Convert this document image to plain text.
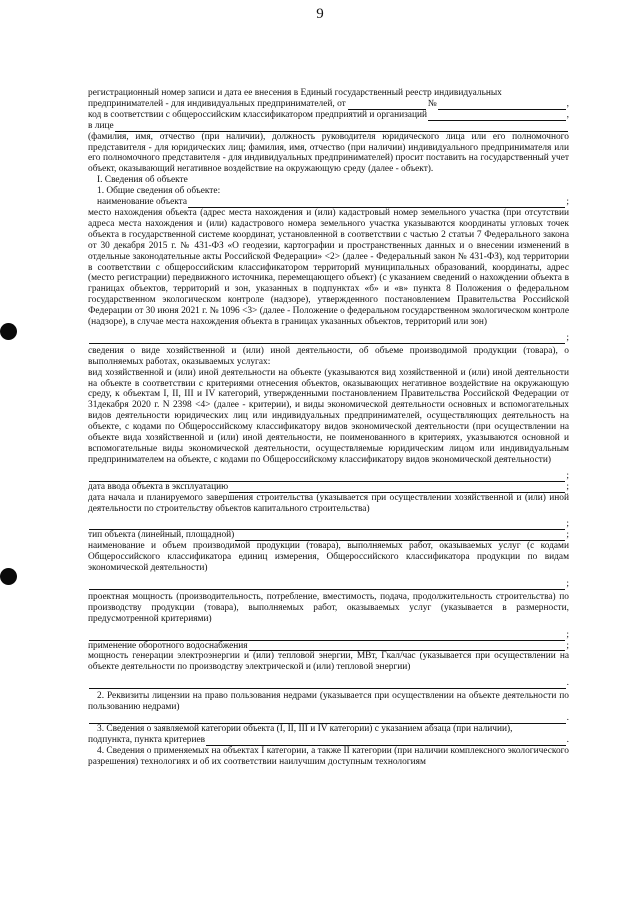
9
регистрационный номер записи и дата ее внесения в Единый государственный реестр индивидуальных
предпринимателей - для индивидуальных предпринимателей, от	№	,
код в соответствии с общероссийским классификатором предприятий и организаций	,
в лице
(фамилия, имя, отчество (при наличии), должность руководителя юридического лица или его полномочного представителя - для юридических лиц; фамилия, имя, отчество (при наличии) индивидуального предпринимателя или его полномочного представителя - для индивидуальных предпринимателей) просит поставить на государственный учет объект, оказывающий негативное воздействие на окружающую среду (далее - объект).
I. Сведения об объекте
1. Общие сведения об объекте:
наименование объекта	;
место нахождения объекта (адрес места нахождения и (или) кадастровый номер земельного участка (при отсутствии адреса места нахождения и (или) кадастрового номера земельного участка указываются координаты угловых точек объекта в государственной системе координат, установленной в соответствии с частью 2 статьи 7 Федерального закона от 30 декабря 2015 г. № 431-ФЗ «О геодезии, картографии и пространственных данных и о внесении изменений в отдельные законодательные акты Российской Федерации» <2> (далее - Федеральный закон № 431-ФЗ), код территории в соответствии с общероссийским классификатором территорий муниципальных образований, координаты, адрес (место регистрации) передвижного источника, перемещающего объект) (с указанием сведений о нахождении объекта в границах объектов, территорий и зон, указанных в подпунктах «б» и «в» пункта 8 Положения о федеральном государственном экологическом контроле (надзоре), утвержденного постановлением Правительства Российской Федерации от 30 июня 2021 г. № 1096 <3> (далее - Положение о федеральном государственном экологическом контроле (надзоре), в случае места нахождения объекта в границах указанных объектов, территорий или зон)
;
сведения о виде хозяйственной и (или) иной деятельности, об объеме производимой продукции (товара), о выполняемых работах, оказываемых услугах:
вид хозяйственной и (или) иной деятельности на объекте (указываются вид хозяйственной и (или) иной деятельности на объекте в соответствии с критериями отнесения объектов, оказывающих негативное воздействие на окружающую среду, к объектам I, II, III и IV категорий, утвержденными постановлением Правительства Российской Федерации от 31декабря 2020 г. N 2398 <4> (далее - критерии), и виды экономической деятельности основных и вспомогательных видов деятельности юридических лиц или индивидуальных предпринимателей, осуществляющих деятельность на объекте, с кодами по Общероссийскому классификатору видов экономической деятельности (при осуществлении на объекте вида хозяйственной и (или) иной деятельности, не поименованного в критериях, указываются основной и вспомогательные виды экономической деятельности, осуществляемые юридическим лицом или индивидуальным предпринимателем на объекте, с кодами по Общероссийскому классификатору видов экономической деятельности)
;
дата ввода объекта в эксплуатацию	;
дата начала и планируемого завершения строительства (указывается при осуществлении хозяйственной и (или) иной деятельности по строительству объектов капитального строительства)
;
тип объекта (линейный, площадной)	;
наименование и объем производимой продукции (товара), выполняемых работ, оказываемых услуг (с кодами Общероссийского классификатора единиц измерения, Общероссийского классификатора продукции по видам экономической деятельности)
;
проектная мощность (производительность, потребление, вместимость, подача, продолжительность строительства) по производству продукции (товара), выполняемых работ, оказываемых услуг (указывается в размерности, предусмотренной критериями)
;
применение оборотного водоснабжения	;
мощность генерации электроэнергии и (или) тепловой энергии, МВт, Гкал/час (указывается при осуществлении на объекте деятельности по производству электрической и (или) тепловой энергии)
.
2. Реквизиты лицензии на право пользования недрами (указывается при осуществлении на объекте деятельности по пользованию недрами)
.
3. Сведения о заявляемой категории объекта (I, II, III и IV категории) с указанием абзаца (при наличии),
подпункта, пункта критериев	.
4. Сведения о применяемых на объектах I категории, а также II категории (при наличии комплексного экологического разрешения) технологиях и об их соответствии наилучшим доступным технологиям
